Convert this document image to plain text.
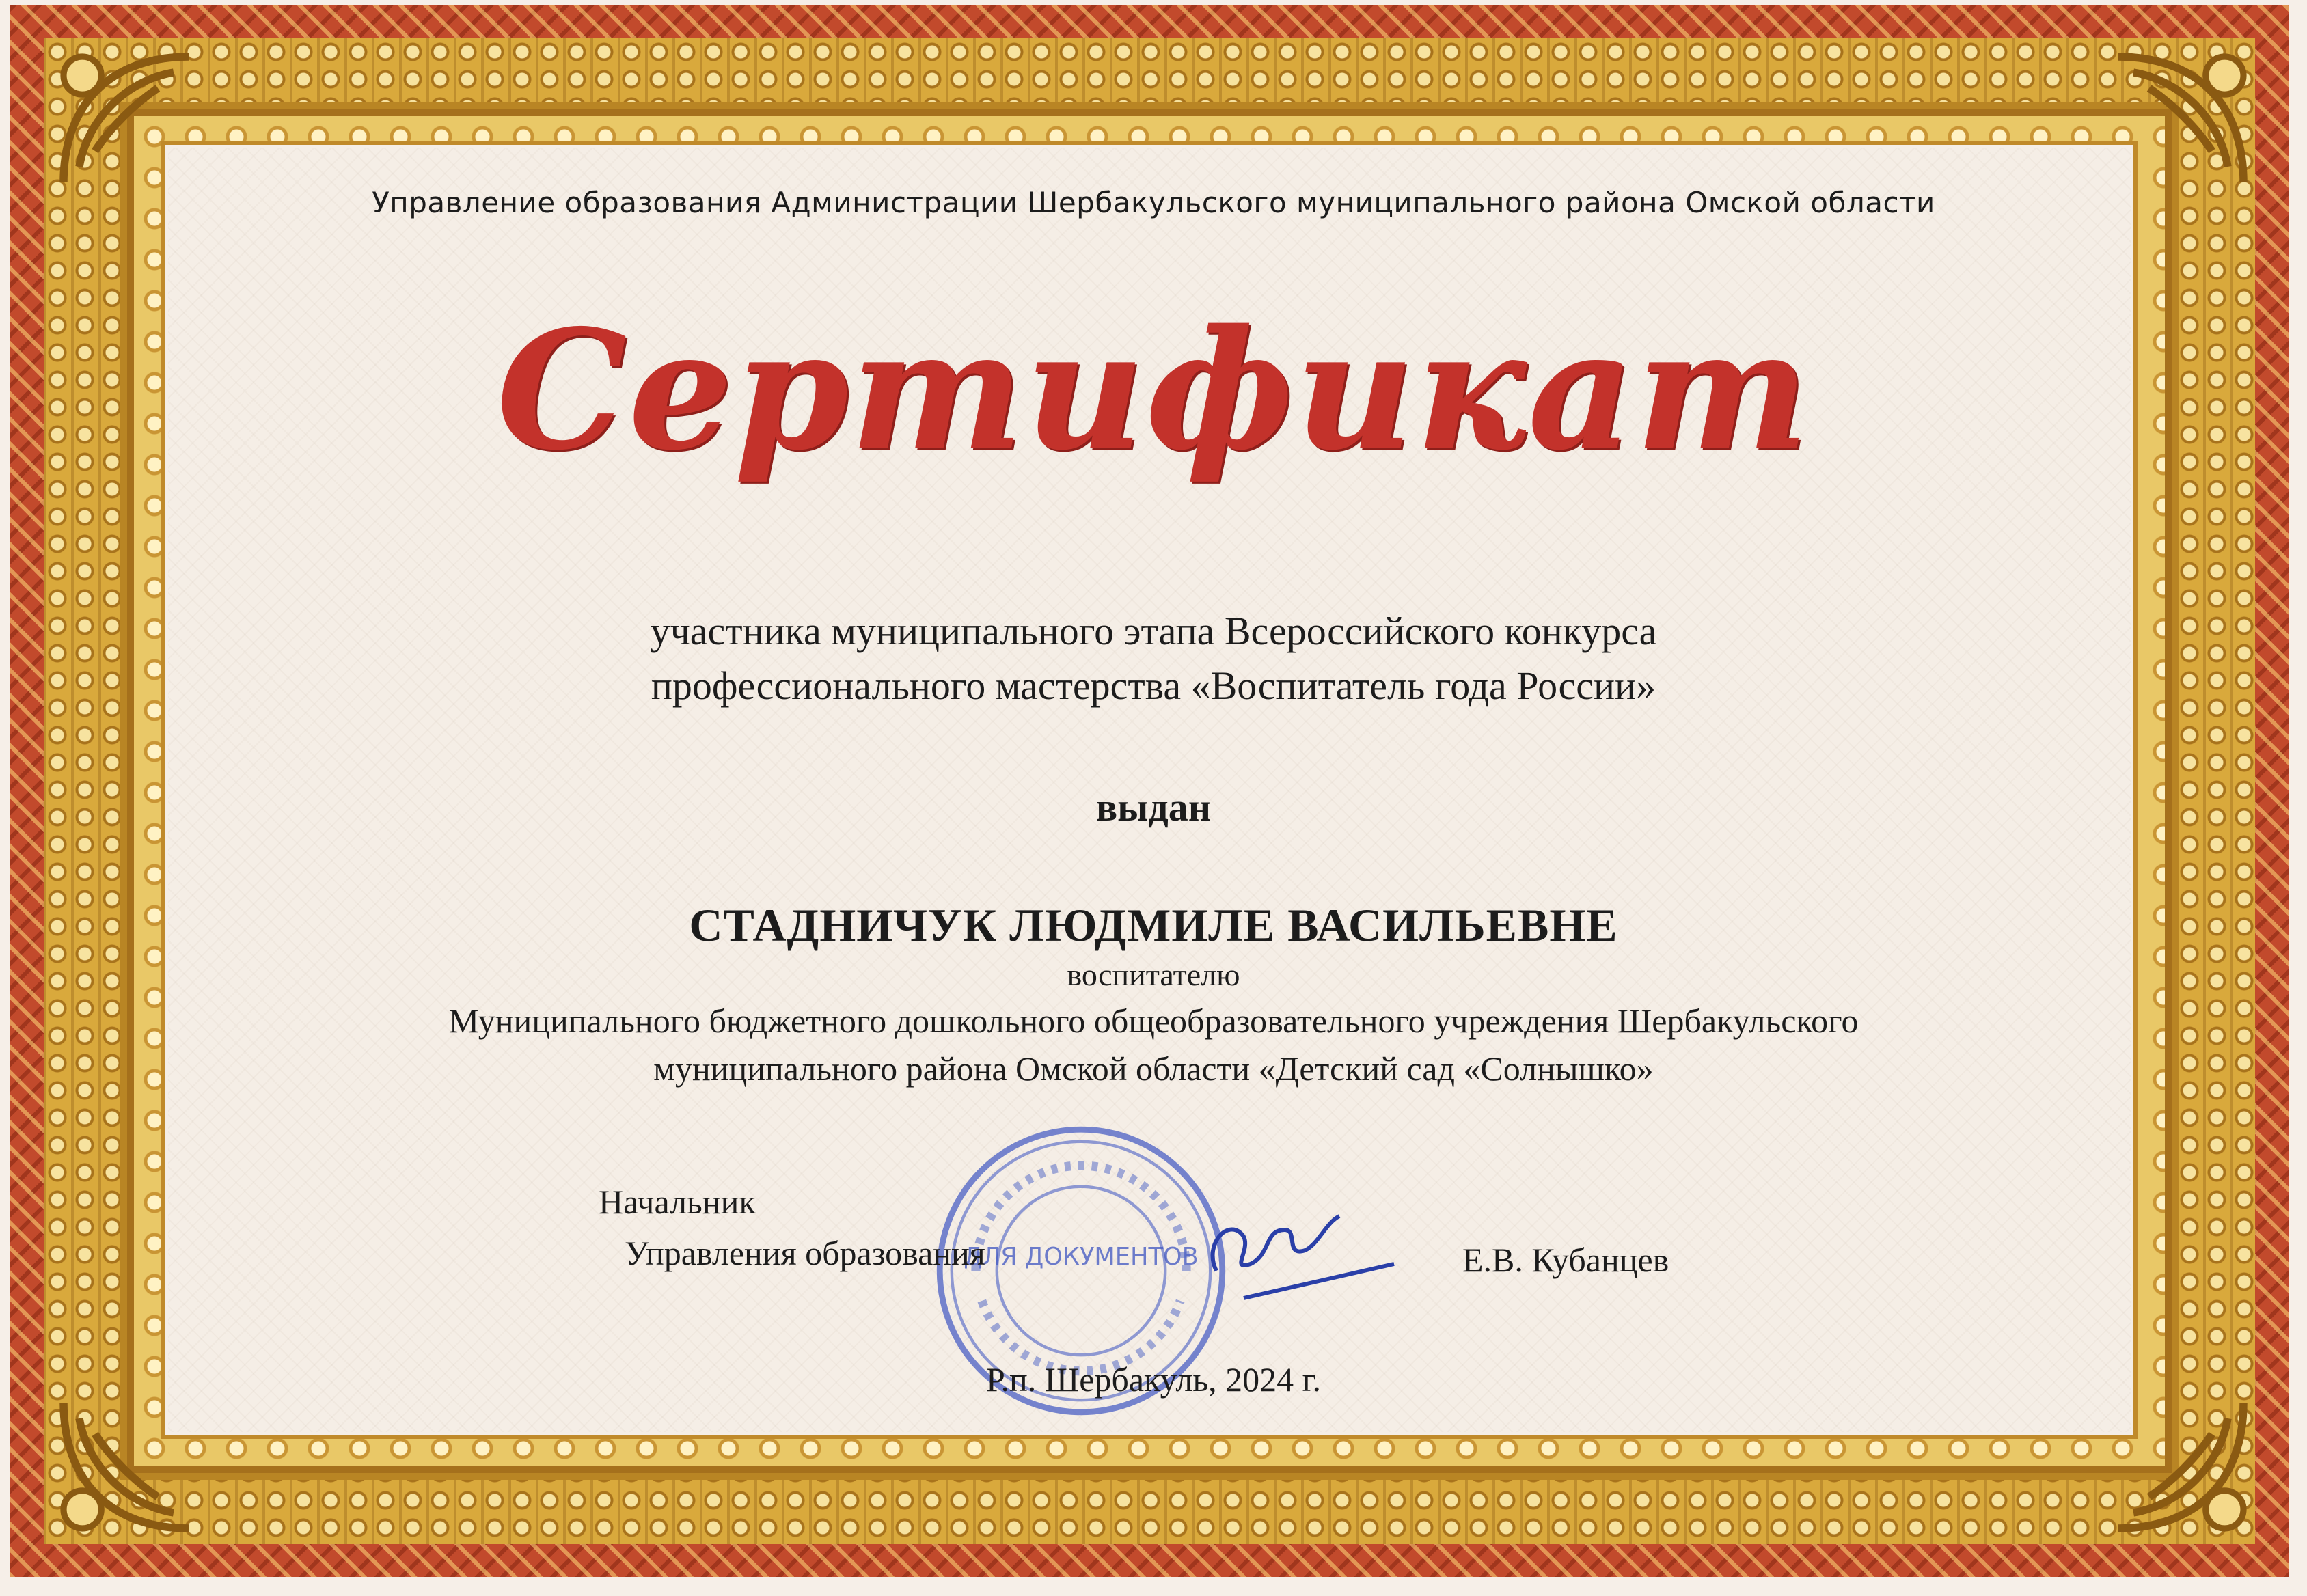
Управление образования Администрации Шербакульского муниципального района Омской области
Сертификат
участника муниципального этапа Всероссийского конкурса
профессионального мастерства «Воспитатель года России»
выдан
СТАДНИЧУК ЛЮДМИЛЕ ВАСИЛЬЕВНЕ
воспитателю
Муниципального бюджетного дошкольного общеобразовательного учреждения Шербакульского
муниципального района Омской области «Детский сад «Солнышко»
ДЛЯ ДОКУМЕНТОВ
Начальник
Управления образования	Е.В. Кубанцев
Р.п. Шербакуль, 2024 г.
